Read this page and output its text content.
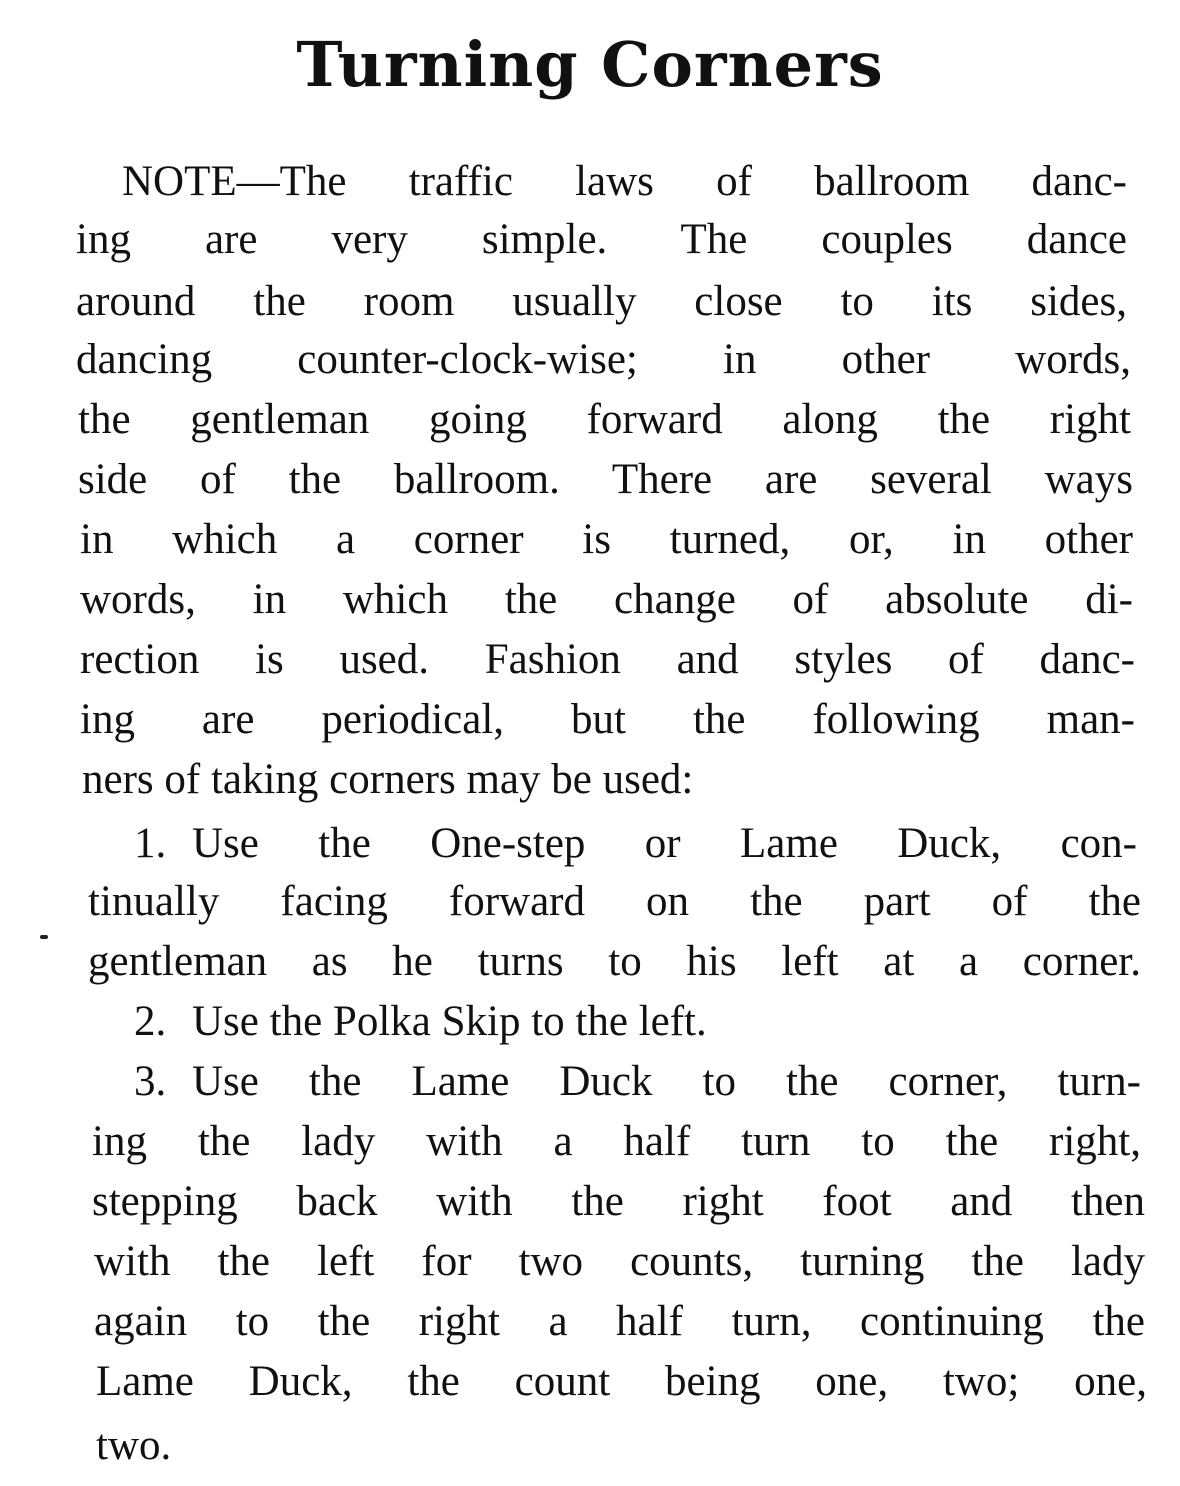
Turning Corners
NOTE—The traffic laws of ballroom danc-
ing are very simple. The couples dance
around the room usually close to its sides,
dancing counter-clock-wise; in other words,
the gentleman going forward along the right
side of the ballroom. There are several ways
in which a corner is turned, or, in other
words, in which the change of absolute di-
rection is used. Fashion and styles of danc-
ing are periodical, but the following man-
ners of taking corners may be used:
1. Use the One-step or Lame Duck, con-
tinually facing forward on the part of the
gentleman as he turns to his left at a corner.
2. Use the Polka Skip to the left.
3. Use the Lame Duck to the corner, turn-
ing the lady with a half turn to the right,
stepping back with the right foot and then
with the left for two counts, turning the lady
again to the right a half turn, continuing the
Lame Duck, the count being one, two; one,
two.
